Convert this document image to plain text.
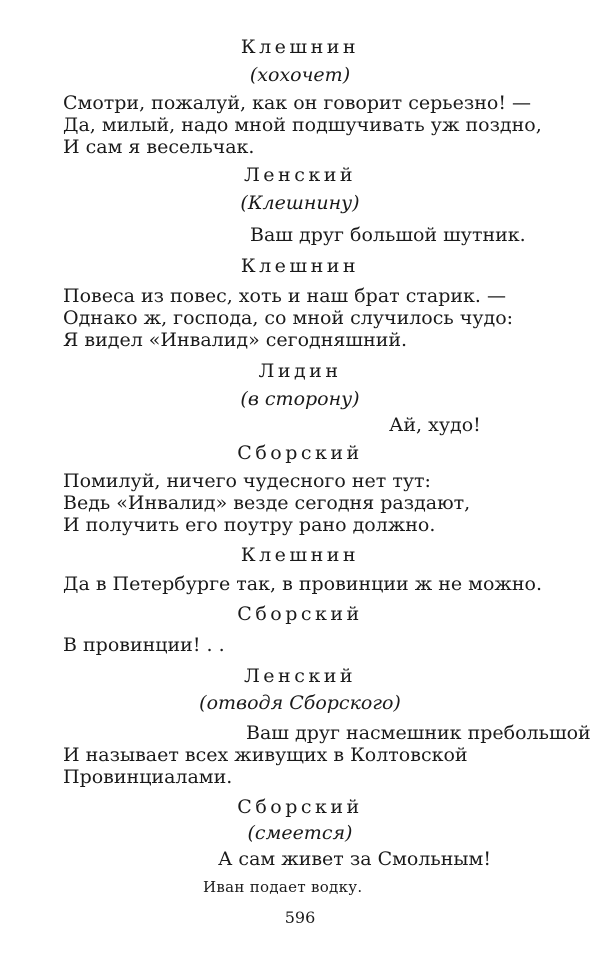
Клешнин
(хохочет)
Смотри, пожалуй, как он говорит серьезно! —
Да, милый, надо мной подшучивать уж поздно,
И сам я весельчак.
Ленский
(Клешнину)
Ваш друг большой шутник.
Клешнин
Повеса из повес, хоть и наш брат старик. —
Однако ж, господа, со мной случилось чудо:
Я видел «Инвалид» сегодняшний.
Лидин
(в сторону)
Ай, худо!
Сборский
Помилуй, ничего чудесного нет тут:
Ведь «Инвалид» везде сегодня раздают,
И получить его поутру рано должно.
Клешнин
Да в Петербурге так, в провинции ж не можно.
Сборский
В провинции! . .
Ленский
(отводя Сборского)
Ваш друг насмешник пребольшой
И называет всех живущих в Колтовской
Провинциалами.
Сборский
(смеется)
А сам живет за Смольным!
Иван подает водку.
596
